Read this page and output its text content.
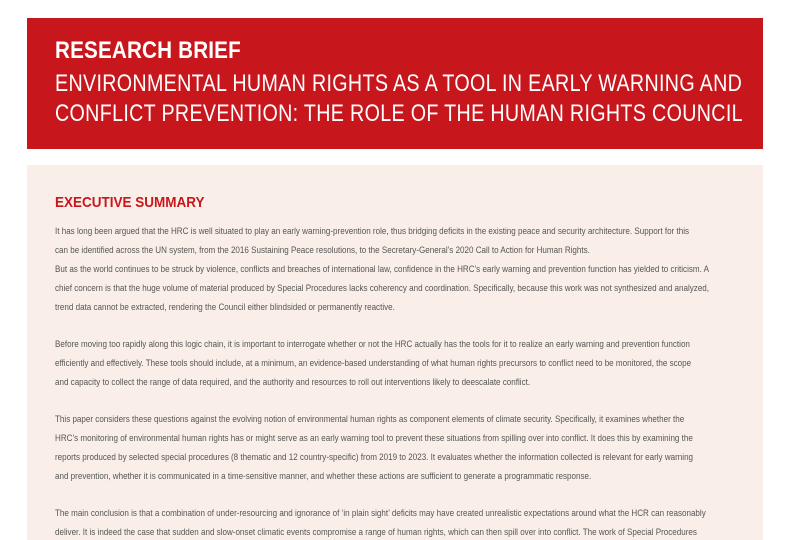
RESEARCH BRIEF
ENVIRONMENTAL HUMAN RIGHTS AS A TOOL IN EARLY WARNING AND
CONFLICT PREVENTION: THE ROLE OF THE HUMAN RIGHTS COUNCIL
EXECUTIVE SUMMARY

It has long been argued that the HRC is well situated to play an early warning-prevention role, thus bridging deficits in the existing peace and security architecture. Support for this
can be identified across the UN system, from the 2016 Sustaining Peace resolutions, to the Secretary-General’s 2020 Call to Action for Human Rights.
But as the world continues to be struck by violence, conflicts and breaches of international law, confidence in the HRC’s early warning and prevention function has yielded to criticism. A
chief concern is that the huge volume of material produced by Special Procedures lacks coherency and coordination. Specifically, because this work was not synthesized and analyzed,
trend data cannot be extracted, rendering the Council either blindsided or permanently reactive.

Before moving too rapidly along this logic chain, it is important to interrogate whether or not the HRC actually has the tools for it to realize an early warning and prevention function
efficiently and effectively. These tools should include, at a minimum, an evidence-based understanding of what human rights precursors to conflict need to be monitored, the scope
and capacity to collect the range of data required, and the authority and resources to roll out interventions likely to deescalate conflict.

This paper considers these questions against the evolving notion of environmental human rights as component elements of climate security. Specifically, it examines whether the
HRC’s monitoring of environmental human rights has or might serve as an early warning tool to prevent these situations from spilling over into conflict. It does this by examining the
reports produced by selected special procedures (8 thematic and 12 country-specific) from 2019 to 2023. It evaluates whether the information collected is relevant for early warning
and prevention, whether it is communicated in a time-sensitive manner, and whether these actions are sufficient to generate a programmatic response.

The main conclusion is that a combination of under-resourcing and ignorance of ‘in plain sight’ deficits may have created unrealistic expectations around what the HCR can reasonably
deliver. It is indeed the case that sudden and slow-onset climatic events compromise a range of human rights, which can then spill over into conflict. The work of Special Procedures
